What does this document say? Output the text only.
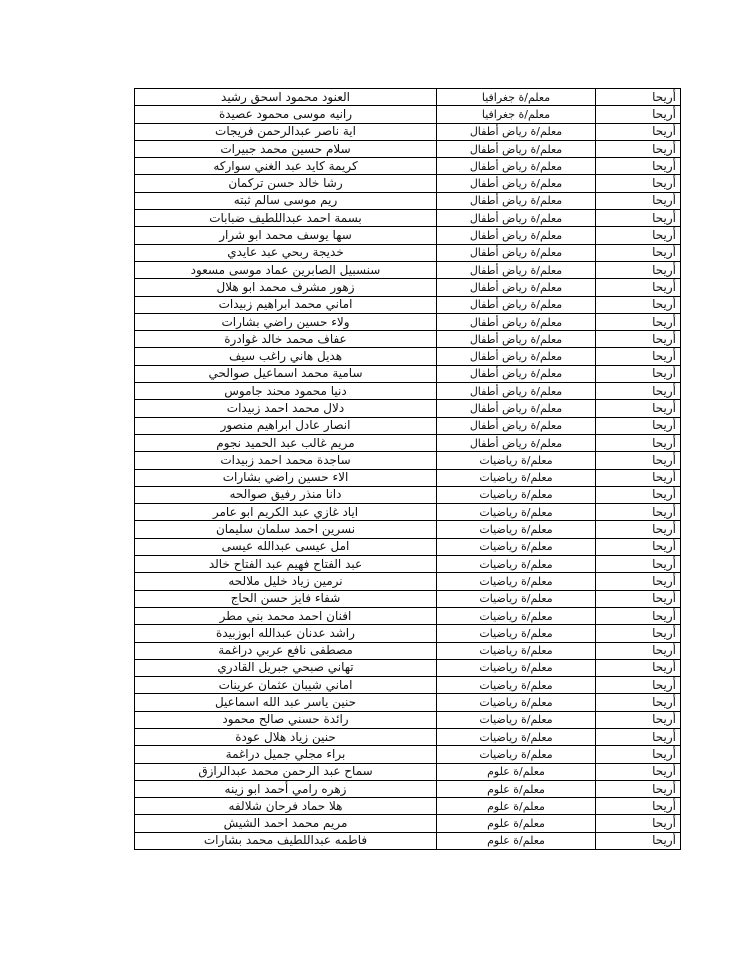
أريحا	معلم/ة جغرافيا	العنود محمود اسحق رشيد
أريحا	معلم/ة جغرافيا	رانيه موسى محمود عصيدة
أريحا	معلم/ة رياض أطفال	اية ناصر عبدالرحمن فريجات
أريحا	معلم/ة رياض أطفال	سلام حسين محمد جبيرات
أريحا	معلم/ة رياض أطفال	كريمة كايد عبد الغني سواركه
أريحا	معلم/ة رياض أطفال	رشا خالد حسن تركمان
أريحا	معلم/ة رياض أطفال	ريم موسى سالم ثبته
أريحا	معلم/ة رياض أطفال	بسمة احمد عبداللطيف ضبابات
أريحا	معلم/ة رياض أطفال	سها يوسف محمد ابو شرار
أريحا	معلم/ة رياض أطفال	خديجة ربحي عبد عايدي
أريحا	معلم/ة رياض أطفال	سنسبيل الصابرين عماد موسى مسعود
أريحا	معلم/ة رياض أطفال	زهور مشرف محمد ابو هلال
أريحا	معلم/ة رياض أطفال	اماني محمد ابراهيم زبيدات
أريحا	معلم/ة رياض أطفال	ولاء حسين راضي بشارات
أريحا	معلم/ة رياض أطفال	عفاف محمد خالد غوادرة
أريحا	معلم/ة رياض أطفال	هديل هاني راغب سيف
أريحا	معلم/ة رياض أطفال	سامية محمد اسماعيل صوالحي
أريحا	معلم/ة رياض أطفال	دنيا محمود محند جاموس
أريحا	معلم/ة رياض أطفال	دلال محمد احمد زبيدات
أريحا	معلم/ة رياض أطفال	انصار عادل ابراهيم منصور
أريحا	معلم/ة رياض أطفال	مريم غالب عبد الحميد نجوم
أريحا	معلم/ة رياضيات	ساجدة محمد احمد زبيدات
أريحا	معلم/ة رياضيات	الاء حسين راضي بشارات
أريحا	معلم/ة رياضيات	دانا منذر رفيق صوالحه
أريحا	معلم/ة رياضيات	اياد غازي عبد الكريم ابو عامر
أريحا	معلم/ة رياضيات	نسرين احمد سلمان سليمان
أريحا	معلم/ة رياضيات	امل عيسى عبدالله عيسى
أريحا	معلم/ة رياضيات	عبد الفتاح فهيم عبد الفتاح خالد
أريحا	معلم/ة رياضيات	نرمين زياد خليل ملالحه
أريحا	معلم/ة رياضيات	شفاء فايز حسن الحاج
أريحا	معلم/ة رياضيات	افنان احمد محمد بني مطر
أريحا	معلم/ة رياضيات	راشد عدنان عبدالله ابوزبيدة
أريحا	معلم/ة رياضيات	مصطفى نافع عربي دراغمة
أريحا	معلم/ة رياضيات	تهاني صبحي جبريل القادري
أريحا	معلم/ة رياضيات	اماني شيبان عثمان عرينات
أريحا	معلم/ة رياضيات	حنين ياسر عبد الله اسماعيل
أريحا	معلم/ة رياضيات	رائدة حسني صالح محمود
أريحا	معلم/ة رياضيات	حنين زياد هلال عودة
أريحا	معلم/ة رياضيات	براء مجلي جميل دراغمة
أريحا	معلم/ة علوم	سماح عبد الرحمن محمد عبدالرازق
أريحا	معلم/ة علوم	زهره رامي أحمد ابو زينه
أريحا	معلم/ة علوم	هلا حماد فرحان شلالفه
أريحا	معلم/ة علوم	مريم محمد احمد الشيش
أريحا	معلم/ة علوم	فاطمه عبداللطيف محمد بشارات
